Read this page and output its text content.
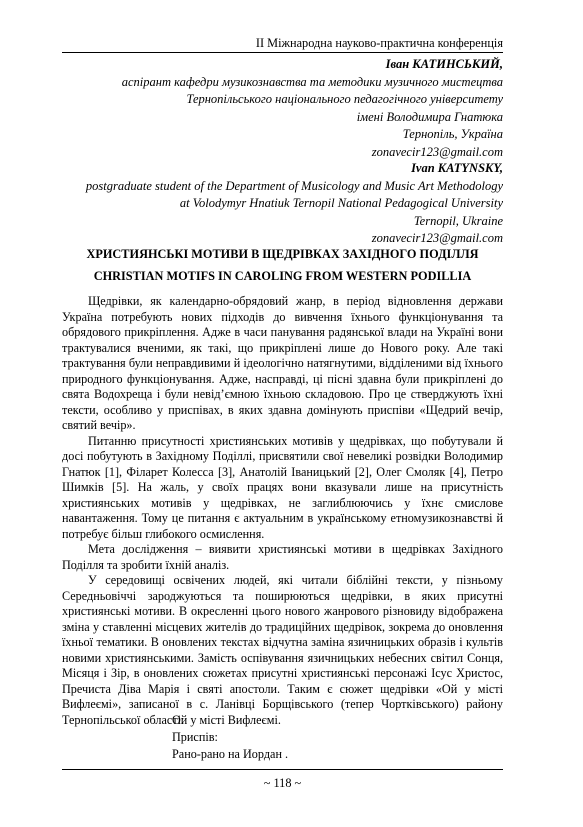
ІІ Міжнародна науково-практична конференція
Іван КАТИНСЬКИЙ,
аспірант кафедри музикознавства та методики музичного мистецтва
Тернопільського національного педагогічного університету
імені Володимира Гнатюка
Тернопіль, Україна
zonavecir123@gmail.com
Ivan KATYNSKY,
postgraduate student of the Department of Musicology and Music Art Methodology
at Volodymyr Hnatiuk Ternopil National Pedagogical University
Ternopil, Ukraine
zonavecir123@gmail.com
ХРИСТИЯНСЬКІ МОТИВИ В ЩЕДРІВКАХ ЗАХІДНОГО ПОДІЛЛЯ
CHRISTIAN MOTIFS IN CAROLING FROM WESTERN PODILLIA

Щедрівки, як календарно-обрядовий жанр, в період відновлення держави Україна потребують нових підходів до вивчення їхнього функціонування та обрядового прикріплення. Адже в часи панування радянської влади на Україні вони трактувалися вченими, як такі, що прикріплені лише до Нового року. Але такі трактування були неправдивими й ідеологічно натягнутими, відділеними від їхнього природного функціонування. Адже, насправді, ці пісні здавна були прикріплені до свята Водохреща і були невід’ємною їхньою складовою. Про це стверджують їхні тексти, особливо у приспівах, в яких здавна домінують приспіви «Щедрий вечір, святий вечір».

Питанню присутності християнських мотивів у щедрівках, що побутували й досі побутують в Західному Поділлі, присвятили свої невеликі розвідки Володимир Гнатюк [1], Філарет Колесса [3], Анатолій Іваницький [2], Олег Смоляк [4], Петро Шимків [5]. На жаль, у своїх працях вони вказували лише на присутність християнських мотивів у щедрівках, не заглиблюючись у їхнє смислове навантаження. Тому це питання є актуальним в українському етномузикознавстві й потребує більш глибокого осмислення.

Мета дослідження – виявити християнські мотиви в щедрівках Західного Поділля та зробити їхній аналіз.

У середовищі освічених людей, які читали біблійні тексти, у пізньому Середньовіччі зароджуються та поширюються щедрівки, в яких присутні християнські мотиви. В окресленні цього нового жанрового різновиду відображена зміна у ставленні місцевих жителів до традиційних щедрівок, зокрема до оновлення їхньої тематики. В оновлених текстах відчутна заміна язичницьких образів і культів новими християнськими. Замість оспівування язичницьких небесних світил Сонця, Місяця і Зір, в оновлених сюжетах присутні християнські персонажі Ісус Христос, Пречиста Діва Марія і святі апостоли. Таким є сюжет щедрівки «Ой у місті Вифлеємі», записаної в с. Ланівці Борщівського (тепер Чортківського) району Тернопільської області:

Ой у місті Вифлеємі.
Приспів:
Рано-рано на Иордан .
~ 118 ~
